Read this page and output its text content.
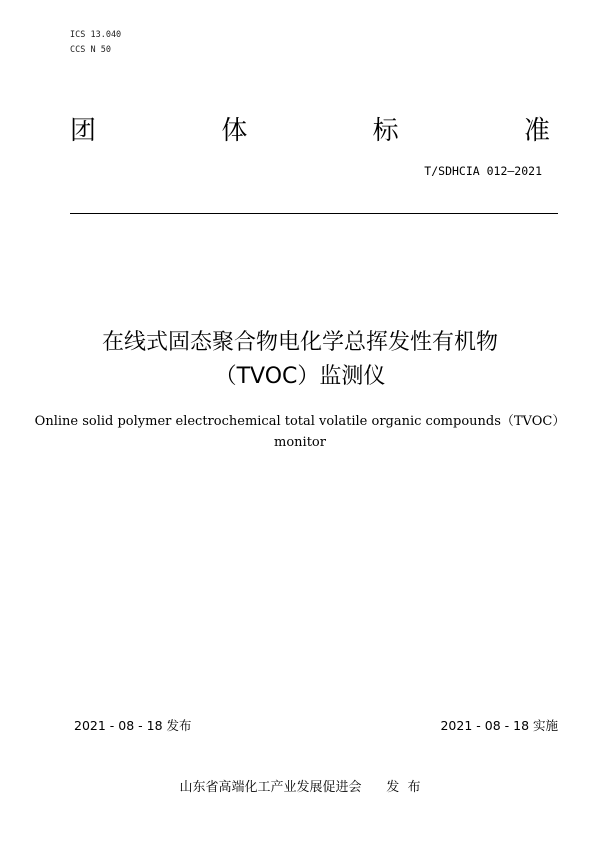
ICS 13.040
CCS N 50
团	体	标	准
T/SDHCIA 012—2021
在线式固态聚合物电化学总挥发性有机物
（TVOC）监测仪
Online solid polymer electrochemical total volatile organic compounds（TVOC）
monitor
2021 - 08 - 18 发布	2021 - 08 - 18 实施
山东省高端化工产业发展促进会      发  布
